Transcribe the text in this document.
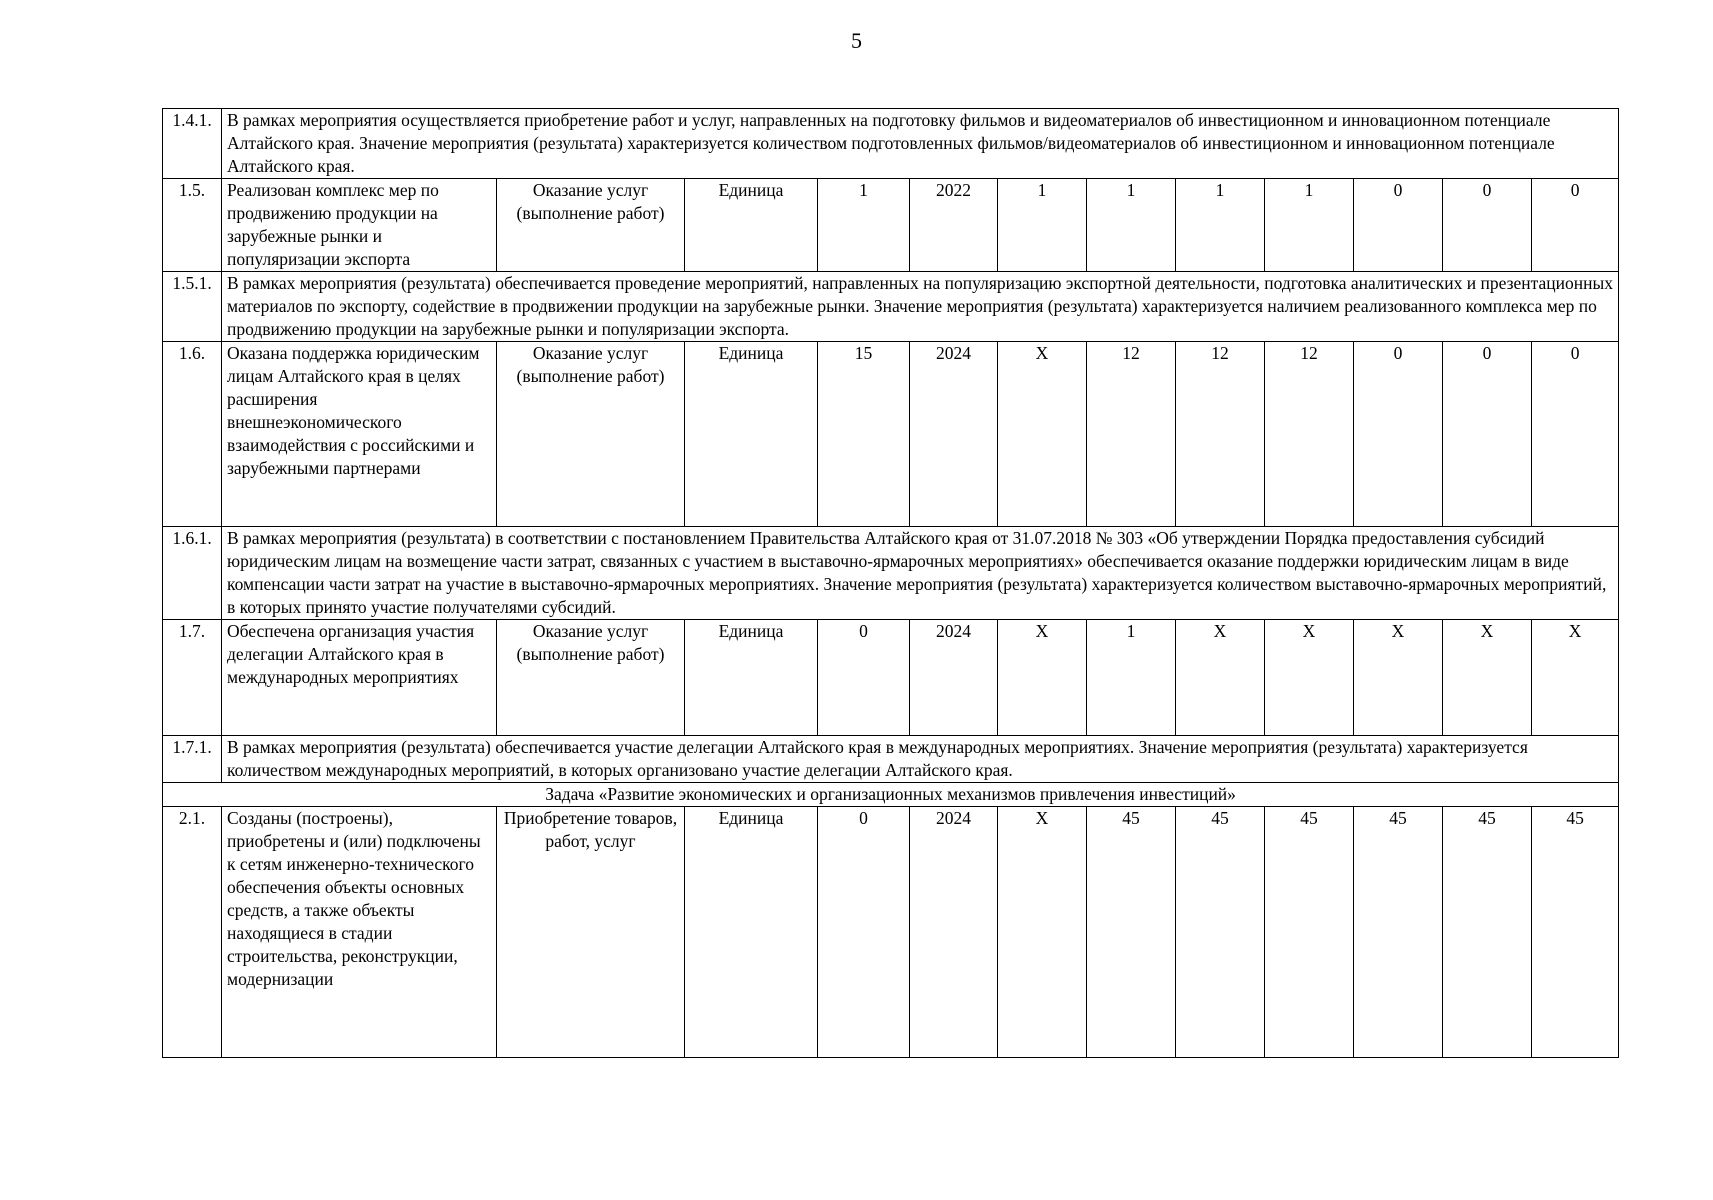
5
1.4.1.	В рамках мероприятия осуществляется приобретение работ и услуг, направленных на подготовку фильмов и видеоматериалов об инвестиционном и инновационном потенциале Алтайского края. Значение мероприятия (результата) характеризуется количеством подготовленных фильмов/видеоматериалов об инвестиционном и инновационном потенциале Алтайского края.											
1.5.	Реализован комплекс мер по продвижению продукции на зарубежные рынки и популяризации экспорта	Оказание услуг (выполнение работ)	Единица	1	2022	1	1	1	1	0	0	0
1.5.1.	В рамках мероприятия (результата) обеспечивается проведение мероприятий, направленных на популяризацию экспортной деятельности, подготовка аналитических и презентационных материалов по экспорту, содействие в продвижении продукции на зарубежные рынки. Значение мероприятия (результата) характеризуется наличием реализованного комплекса мер по продвижению продукции на зарубежные рынки и популяризации экспорта.											
1.6.	Оказана поддержка юридическим лицам Алтайского края в целях расширения внешнеэкономического взаимодействия с российскими и зарубежными партнерами	Оказание услуг (выполнение работ)	Единица	15	2024	Х	12	12	12	0	0	0
1.6.1.	В рамках мероприятия (результата) в соответствии с постановлением Правительства Алтайского края от 31.07.2018 № 303 «Об утверждении Порядка предоставления субсидий юридическим лицам на возмещение части затрат, связанных с участием в выставочно-ярмарочных мероприятиях» обеспечивается оказание поддержки юридическим лицам в виде компенсации части затрат на участие в выставочно-ярмарочных мероприятиях. Значение мероприятия (результата) характеризуется количеством выставочно-ярмарочных мероприятий, в которых принято участие получателями субсидий.											
1.7.	Обеспечена организация участия делегации Алтайского края в международных мероприятиях	Оказание услуг (выполнение работ)	Единица	0	2024	Х	1	Х	Х	Х	Х	Х
1.7.1.	В рамках мероприятия (результата) обеспечивается участие делегации Алтайского края в международных мероприятиях. Значение мероприятия (результата) характеризуется количеством международных мероприятий, в которых организовано участие делегации Алтайского края.											
Задача «Развитие экономических и организационных механизмов привлечения инвестиций»												
2.1.	Созданы (построены), приобретены и (или) подключены к сетям инженерно-технического обеспечения объекты основных средств, а также объекты находящиеся в стадии строительства, реконструкции, модернизации	Приобретение товаров, работ, услуг	Единица	0	2024	Х	45	45	45	45	45	45
